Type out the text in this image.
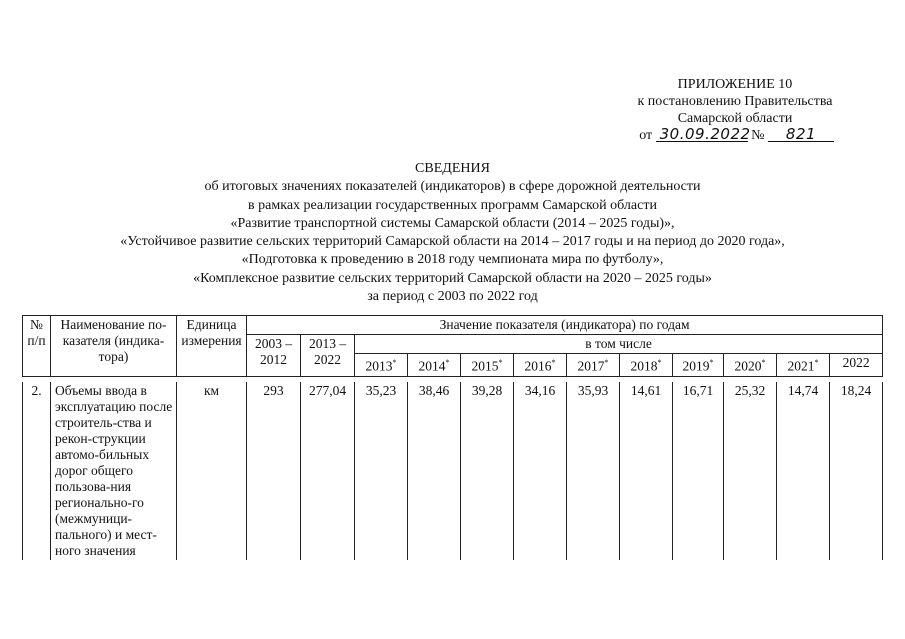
ПРИЛОЖЕНИЕ 10
к постановлению Правительства
Самарской области
от 30.09.2022 № 821
СВЕДЕНИЯ
об итоговых значениях показателей (индикаторов) в сфере дорожной деятельности
в рамках реализации государственных программ Самарской области
«Развитие транспортной системы Самарской области (2014 – 2025 годы)»,
«Устойчивое развитие сельских территорий Самарской области на 2014 – 2017 годы и на период до 2020 года»,
«Подготовка к проведению в 2018 году чемпионата мира по футболу»,
«Комплексное развитие сельских территорий Самарской области на 2020 – 2025 годы»
за период с 2003 по 2022 год
№ п/п	Наименование по-казателя (индика-тора)	Единица измерения	Значение показателя (индикатора) по годам											
			2003 – 2012	2013 – 2022	в том числе									
					2013*	2014*	2015*	2016*	2017*	2018*	2019*	2020*	2021*	2022

2.	Объемы ввода в эксплуатацию после строитель-ства и рекон-струкции автомо-бильных дорог общего пользова-ния регионально-го (межмуници-пального) и мест-ного значения	км	293	277,04	35,23	38,46	39,28	34,16	35,93	14,61	16,71	25,32	14,74	18,24
